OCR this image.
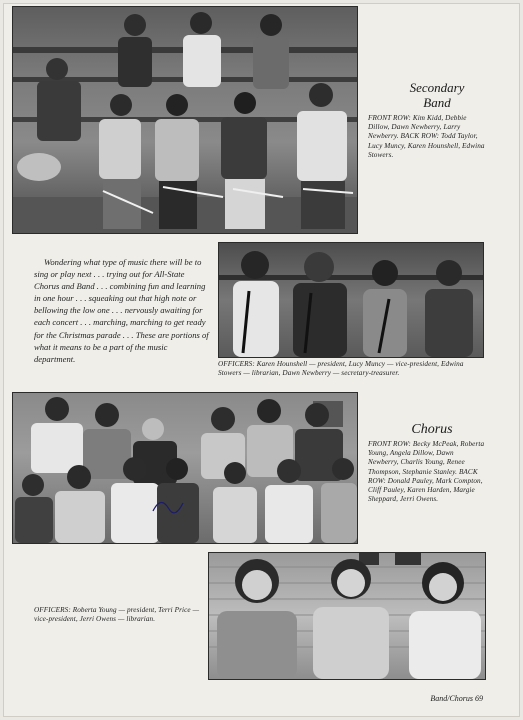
Secondary
Band
FRONT ROW: Kim Kidd, Debbie Dillow, Dawn Newberry, Larry Newberry. BACK ROW: Todd Taylor, Lucy Muncy, Karen Hounshell, Edwina Stowers.
Wondering what type of music there will be to sing or play next . . . trying out for All-State Chorus and Band . . . combining fun and learning in one hour . . . squeaking out that high note or bellowing the low one . . . nervously awaiting for each concert . . . marching, marching to get ready for the Christmas parade . . . These are portions of what it means to be a part of the music department.
OFFICERS: Karen Hounshell — president, Lucy Muncy — vice-president, Edwina Stowers — librarian, Dawn Newberry — secretary-treasurer.
Chorus
FRONT ROW: Becky McPeak, Roberta Young, Angela Dillow, Dawn Newberry, Charlis Young, Renee Thompson, Stephanie Stanley. BACK ROW: Donald Pauley, Mark Compton, Cliff Pauley, Karen Harden, Margie Sheppard, Jerri Owens.
OFFICERS: Roberta Young — president, Terri Price — vice-president, Jerri Owens — librarian.
Band/Chorus 69
